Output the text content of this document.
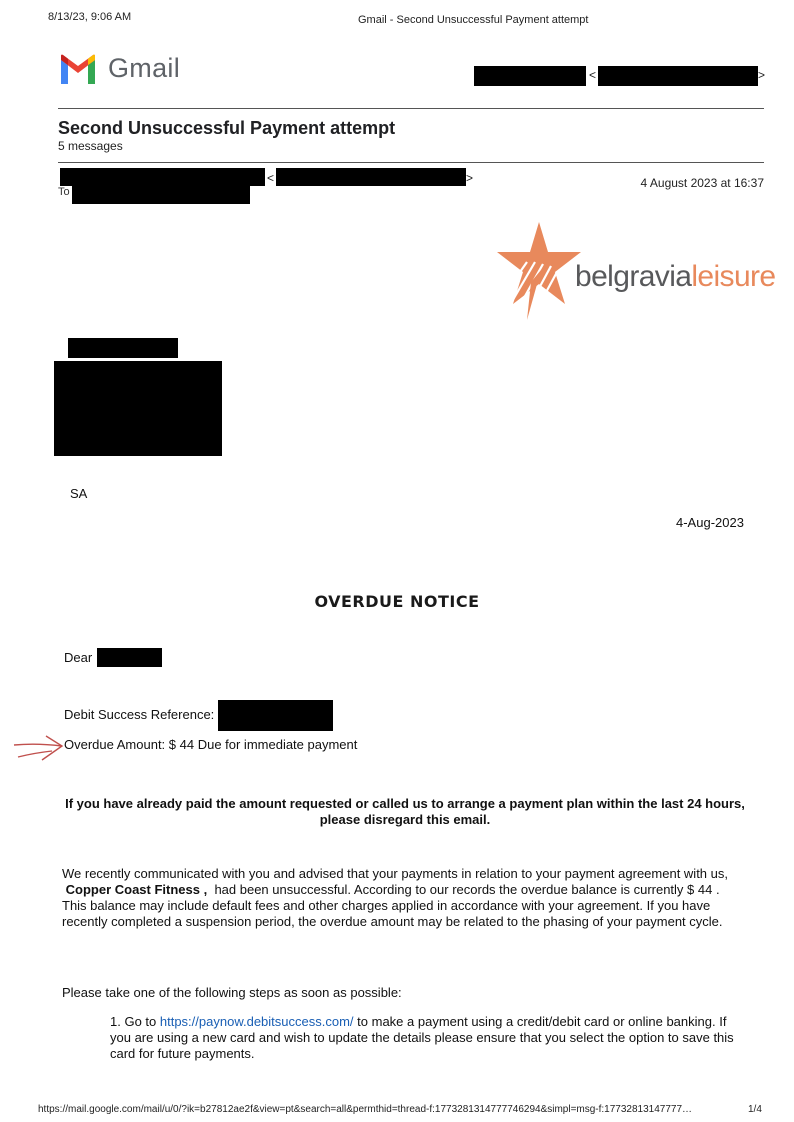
8/13/23, 9:06 AM	Gmail - Second Unsuccessful Payment attempt
Gmail	<	>
Second Unsuccessful Payment attempt
5 messages
<	>	4 August 2023 at 16:37
To
belgravialeisure
SA
4-Aug-2023
OVERDUE NOTICE
Dear
Debit Success Reference:
Overdue Amount: $ 44 Due for immediate payment
If you have already paid the amount requested or called us to arrange a payment plan within the last 24 hours, please disregard this email.
We recently communicated with you and advised that your payments in relation to your payment agreement with us,  Copper Coast Fitness , had been unsuccessful. According to our records the overdue balance is currently $ 44 . This balance may include default fees and other charges applied in accordance with your agreement. If you have recently completed a suspension period, the overdue amount may be related to the phasing of your payment cycle.
Please take one of the following steps as soon as possible:
1. Go to https://paynow.debitsuccess.com/ to make a payment using a credit/debit card or online banking. If you are using a new card and wish to update the details please ensure that you select the option to save this card for future payments.
https://mail.google.com/mail/u/0/?ik=b27812ae2f&view=pt&search=all&permthid=thread-f:1773281314777746294&simpl=msg-f:17732813147777…	1/4
